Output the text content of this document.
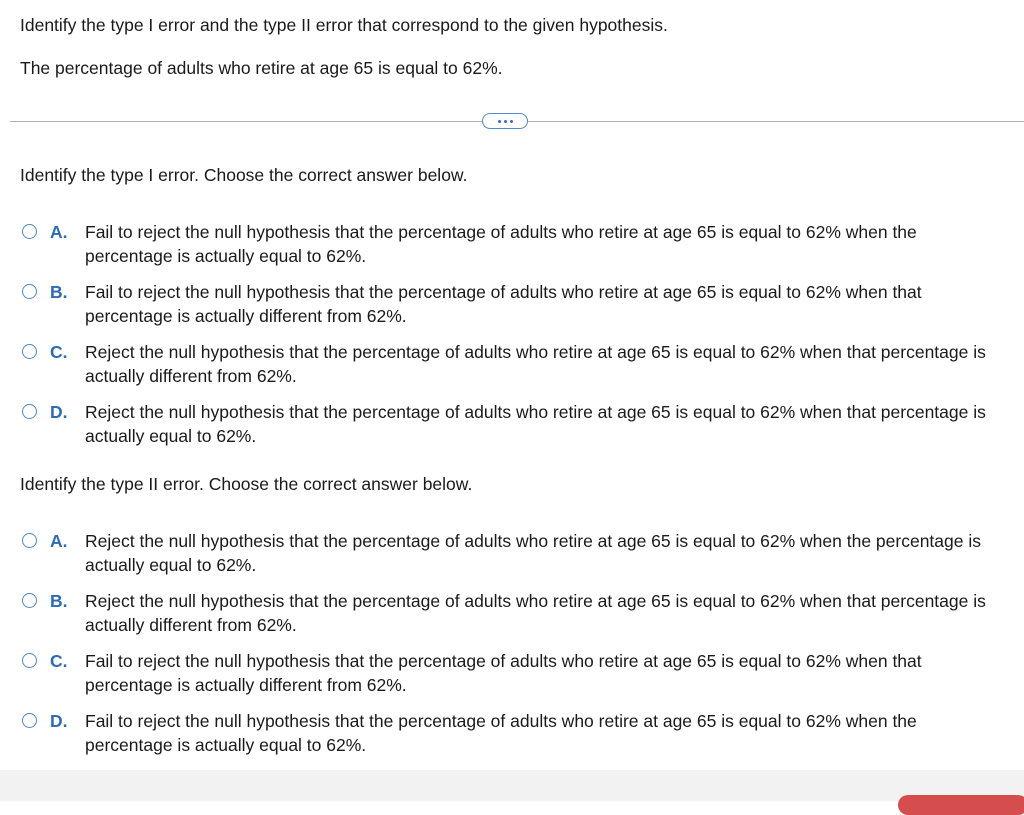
Identify the type I error and the type II error that correspond to the given hypothesis.
The percentage of adults who retire at age 65 is equal to 62%.
Identify the type I error. Choose the correct answer below.
A.	Fail to reject the null hypothesis that the percentage of adults who retire at age 65 is equal to 62% when the percentage is actually equal to 62%.
B.	Fail to reject the null hypothesis that the percentage of adults who retire at age 65 is equal to 62% when that percentage is actually different from 62%.
C.	Reject the null hypothesis that the percentage of adults who retire at age 65 is equal to 62% when that percentage is actually different from 62%.
D.	Reject the null hypothesis that the percentage of adults who retire at age 65 is equal to 62% when that percentage is actually equal to 62%.
Identify the type II error. Choose the correct answer below.
A.	Reject the null hypothesis that the percentage of adults who retire at age 65 is equal to 62% when the percentage is actually equal to 62%.
B.	Reject the null hypothesis that the percentage of adults who retire at age 65 is equal to 62% when that percentage is actually different from 62%.
C.	Fail to reject the null hypothesis that the percentage of adults who retire at age 65 is equal to 62% when that percentage is actually different from 62%.
D.	Fail to reject the null hypothesis that the percentage of adults who retire at age 65 is equal to 62% when the percentage is actually equal to 62%.
